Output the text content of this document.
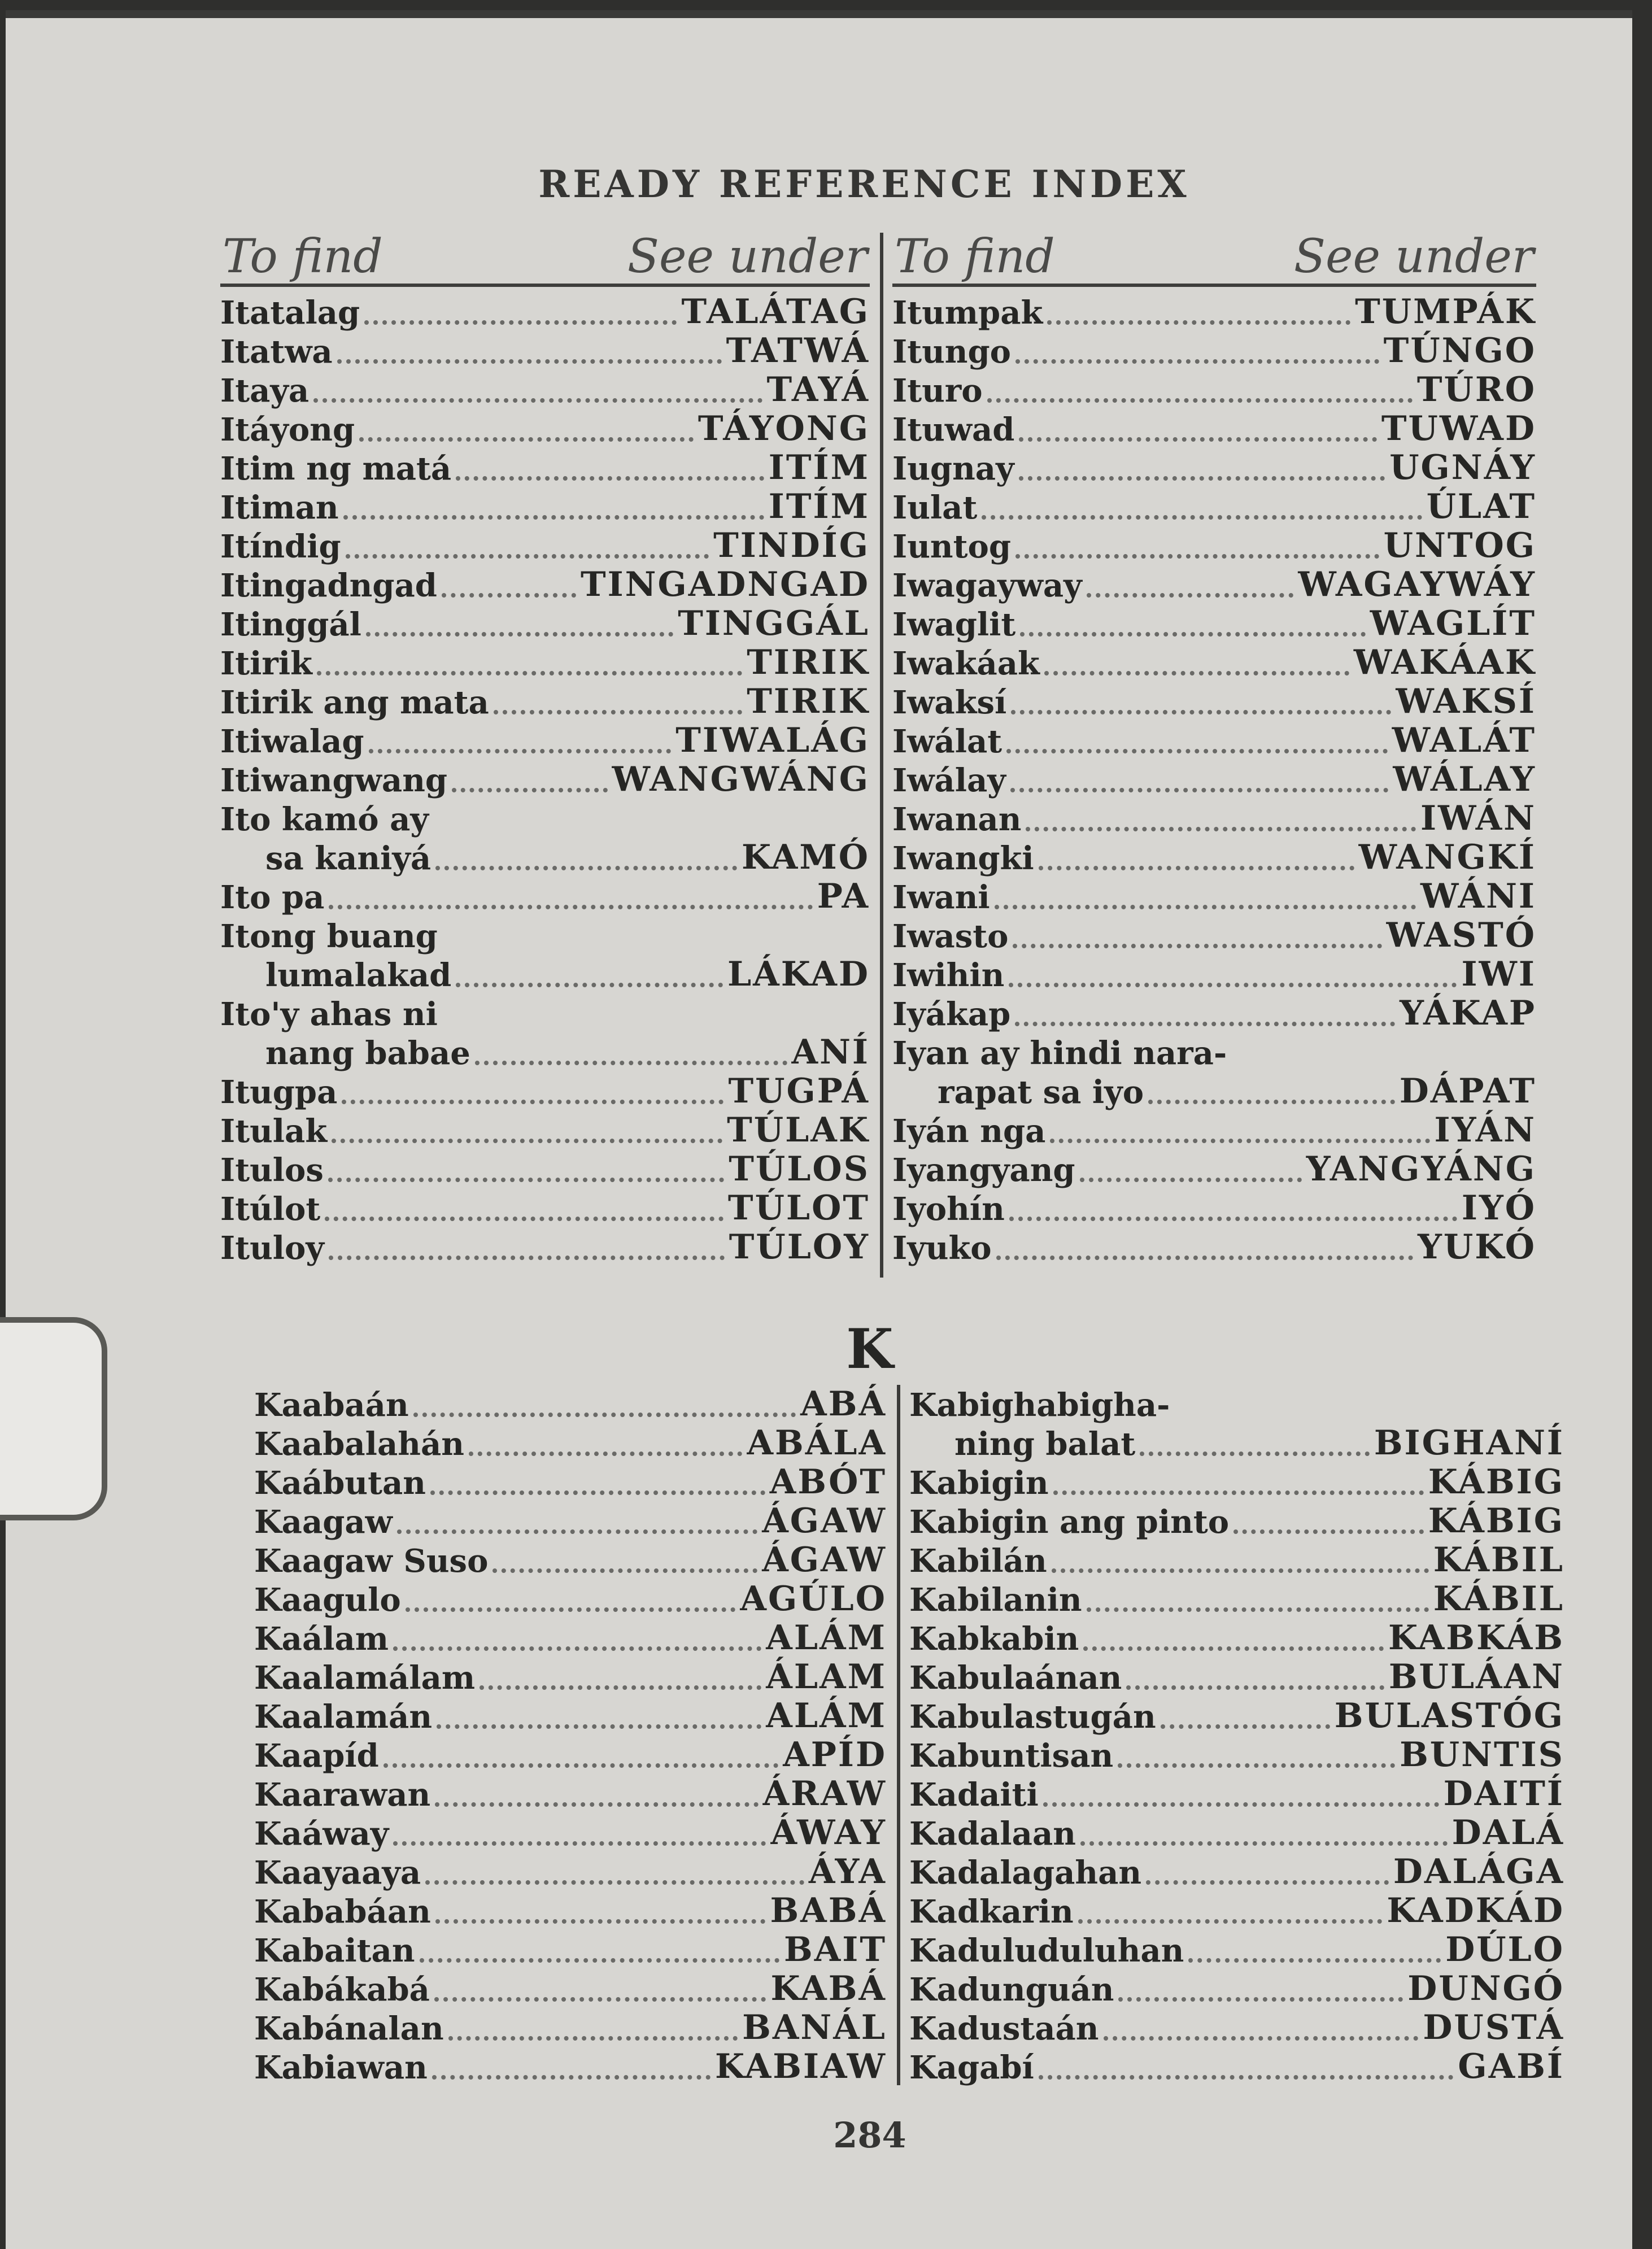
READY REFERENCE INDEX
To find	See under
Itatalag	TALÁTAG
Itatwa	TATWÁ
Itaya	TAYÁ
Itáyong	TÁYONG
Itim ng matá	ITÍM
Itiman	ITÍM
Itíndig	TINDÍG
Itingadngad	TINGADNGAD
Itinggál	TINGGÁL
Itirik	TIRIK
Itirik ang mata	TIRIK
Itiwalag	TIWALÁG
Itiwangwang	WANGWÁNG
Ito kamó ay
sa kaniyá	KAMÓ
Ito pa	PA
Itong buang
lumalakad	LÁKAD
Ito'y ahas ni
nang babae	ANÍ
Itugpa	TUGPÁ
Itulak	TÚLAK
Itulos	TÚLOS
Itúlot	TÚLOT
Ituloy	TÚLOY
To find	See under
Itumpak	TUMPÁK
Itungo	TÚNGO
Ituro	TÚRO
Ituwad	TUWAD
Iugnay	UGNÁY
Iulat	ÚLAT
Iuntog	UNTOG
Iwagayway	WAGAYWÁY
Iwaglit	WAGLÍT
Iwakáak	WAKÁAK
Iwaksí	WAKSÍ
Iwálat	WALÁT
Iwálay	WÁLAY
Iwanan	IWÁN
Iwangki	WANGKÍ
Iwani	WÁNI
Iwasto	WASTÓ
Iwihin	IWI
Iyákap	YÁKAP
Iyan ay hindi nara-
rapat sa iyo	DÁPAT
Iyán nga	IYÁN
Iyangyang	YANGYÁNG
Iyohín	IYÓ
Iyuko	YUKÓ
K
Kaabaán	ABÁ
Kaabalahán	ABÁLA
Kaábutan	ABÓT
Kaagaw	ÁGAW
Kaagaw Suso	ÁGAW
Kaagulo	AGÚLO
Kaálam	ALÁM
Kaalamálam	ÁLAM
Kaalamán	ALÁM
Kaapíd	APÍD
Kaarawan	ÁRAW
Kaáway	ÁWAY
Kaayaaya	ÁYA
Kababáan	BABÁ
Kabaitan	BAIT
Kabákabá	KABÁ
Kabánalan	BANÁL
Kabiawan	KABIAW
Kabighabighа-
ning balat	BIGHANÍ
Kabigin	KÁBIG
Kabigin ang pinto	KÁBIG
Kabilán	KÁBIL
Kabilanin	KÁBIL
Kabkabin	KABKÁB
Kabulaánan	BULÁAN
Kabulastugán	BULASTÓG
Kabuntisan	BUNTIS
Kadaiti	DAITÍ
Kadalaan	DALÁ
Kadalagahan	DALÁGA
Kadkarin	KADKÁD
Kaduluduluhan	DÚLO
Kadunguán	DUNGÓ
Kadustaán	DUSTÁ
Kagabí	GABÍ
284
